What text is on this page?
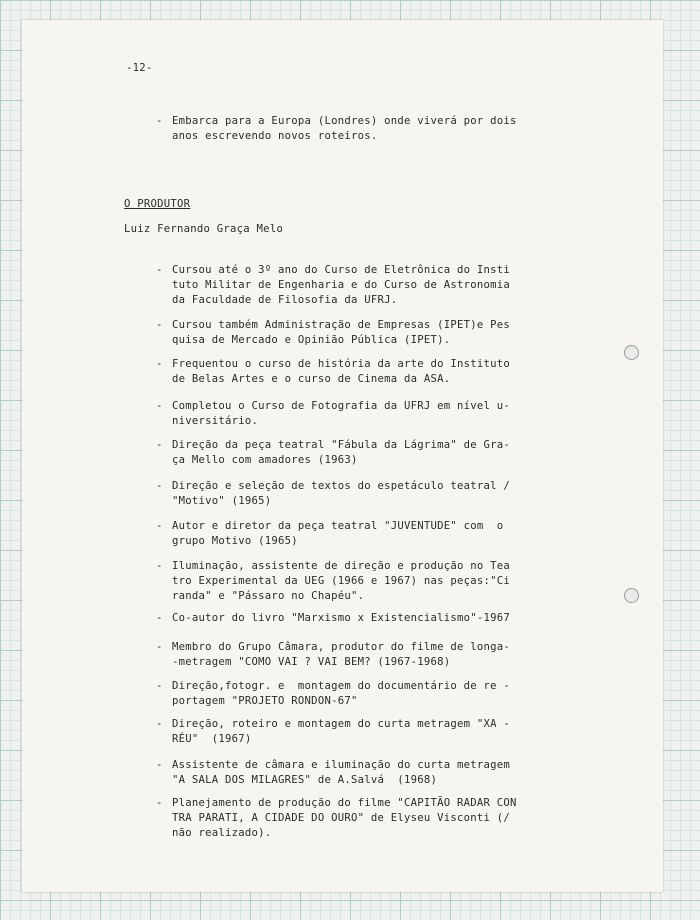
-12-
- Embarca para a Europa (Londres) onde viverá por dois
anos escrevendo novos roteiros.
O PRODUTOR
Luiz Fernando Graça Melo
- Cursou até o 3º ano do Curso de Eletrônica do Insti
tuto Militar de Engenharia e do Curso de Astronomia
da Faculdade de Filosofia da UFRJ.
- Cursou também Administração de Empresas (IPET)e Pes
quisa de Mercado e Opinião Pública (IPET).
- Frequentou o curso de história da arte do Instituto
de Belas Artes e o curso de Cinema da ASA.
- Completou o Curso de Fotografia da UFRJ em nível u-
niversitário.
- Direção da peça teatral "Fábula da Lágrima" de Gra-
ça Mello com amadores (1963)
- Direção e seleção de textos do espetáculo teatral /
"Motivo" (1965)
- Autor e diretor da peça teatral "JUVENTUDE" com  o
grupo Motivo (1965)
- Iluminação, assistente de direção e produção no Tea
tro Experimental da UEG (1966 e 1967) nas peças:"Ci
randa" e "Pássaro no Chapéu".
- Co-autor do livro "Marxismo x Existencialismo"-1967
- Membro do Grupo Câmara, produtor do filme de longa-
-metragem "COMO VAI ? VAI BEM? (1967-1968)
- Direção,fotogr. e  montagem do documentário de re -
portagem "PROJETO RONDON-67"
- Direção, roteiro e montagem do curta metragem "XA -
RÉU"  (1967)
- Assistente de câmara e iluminação do curta metragem
"A SALA DOS MILAGRES" de A.Salvá  (1968)
- Planejamento de produção do filme "CAPITÃO RADAR CON
TRA PARATI, A CIDADE DO OURO" de Elyseu Visconti (/
não realizado).
